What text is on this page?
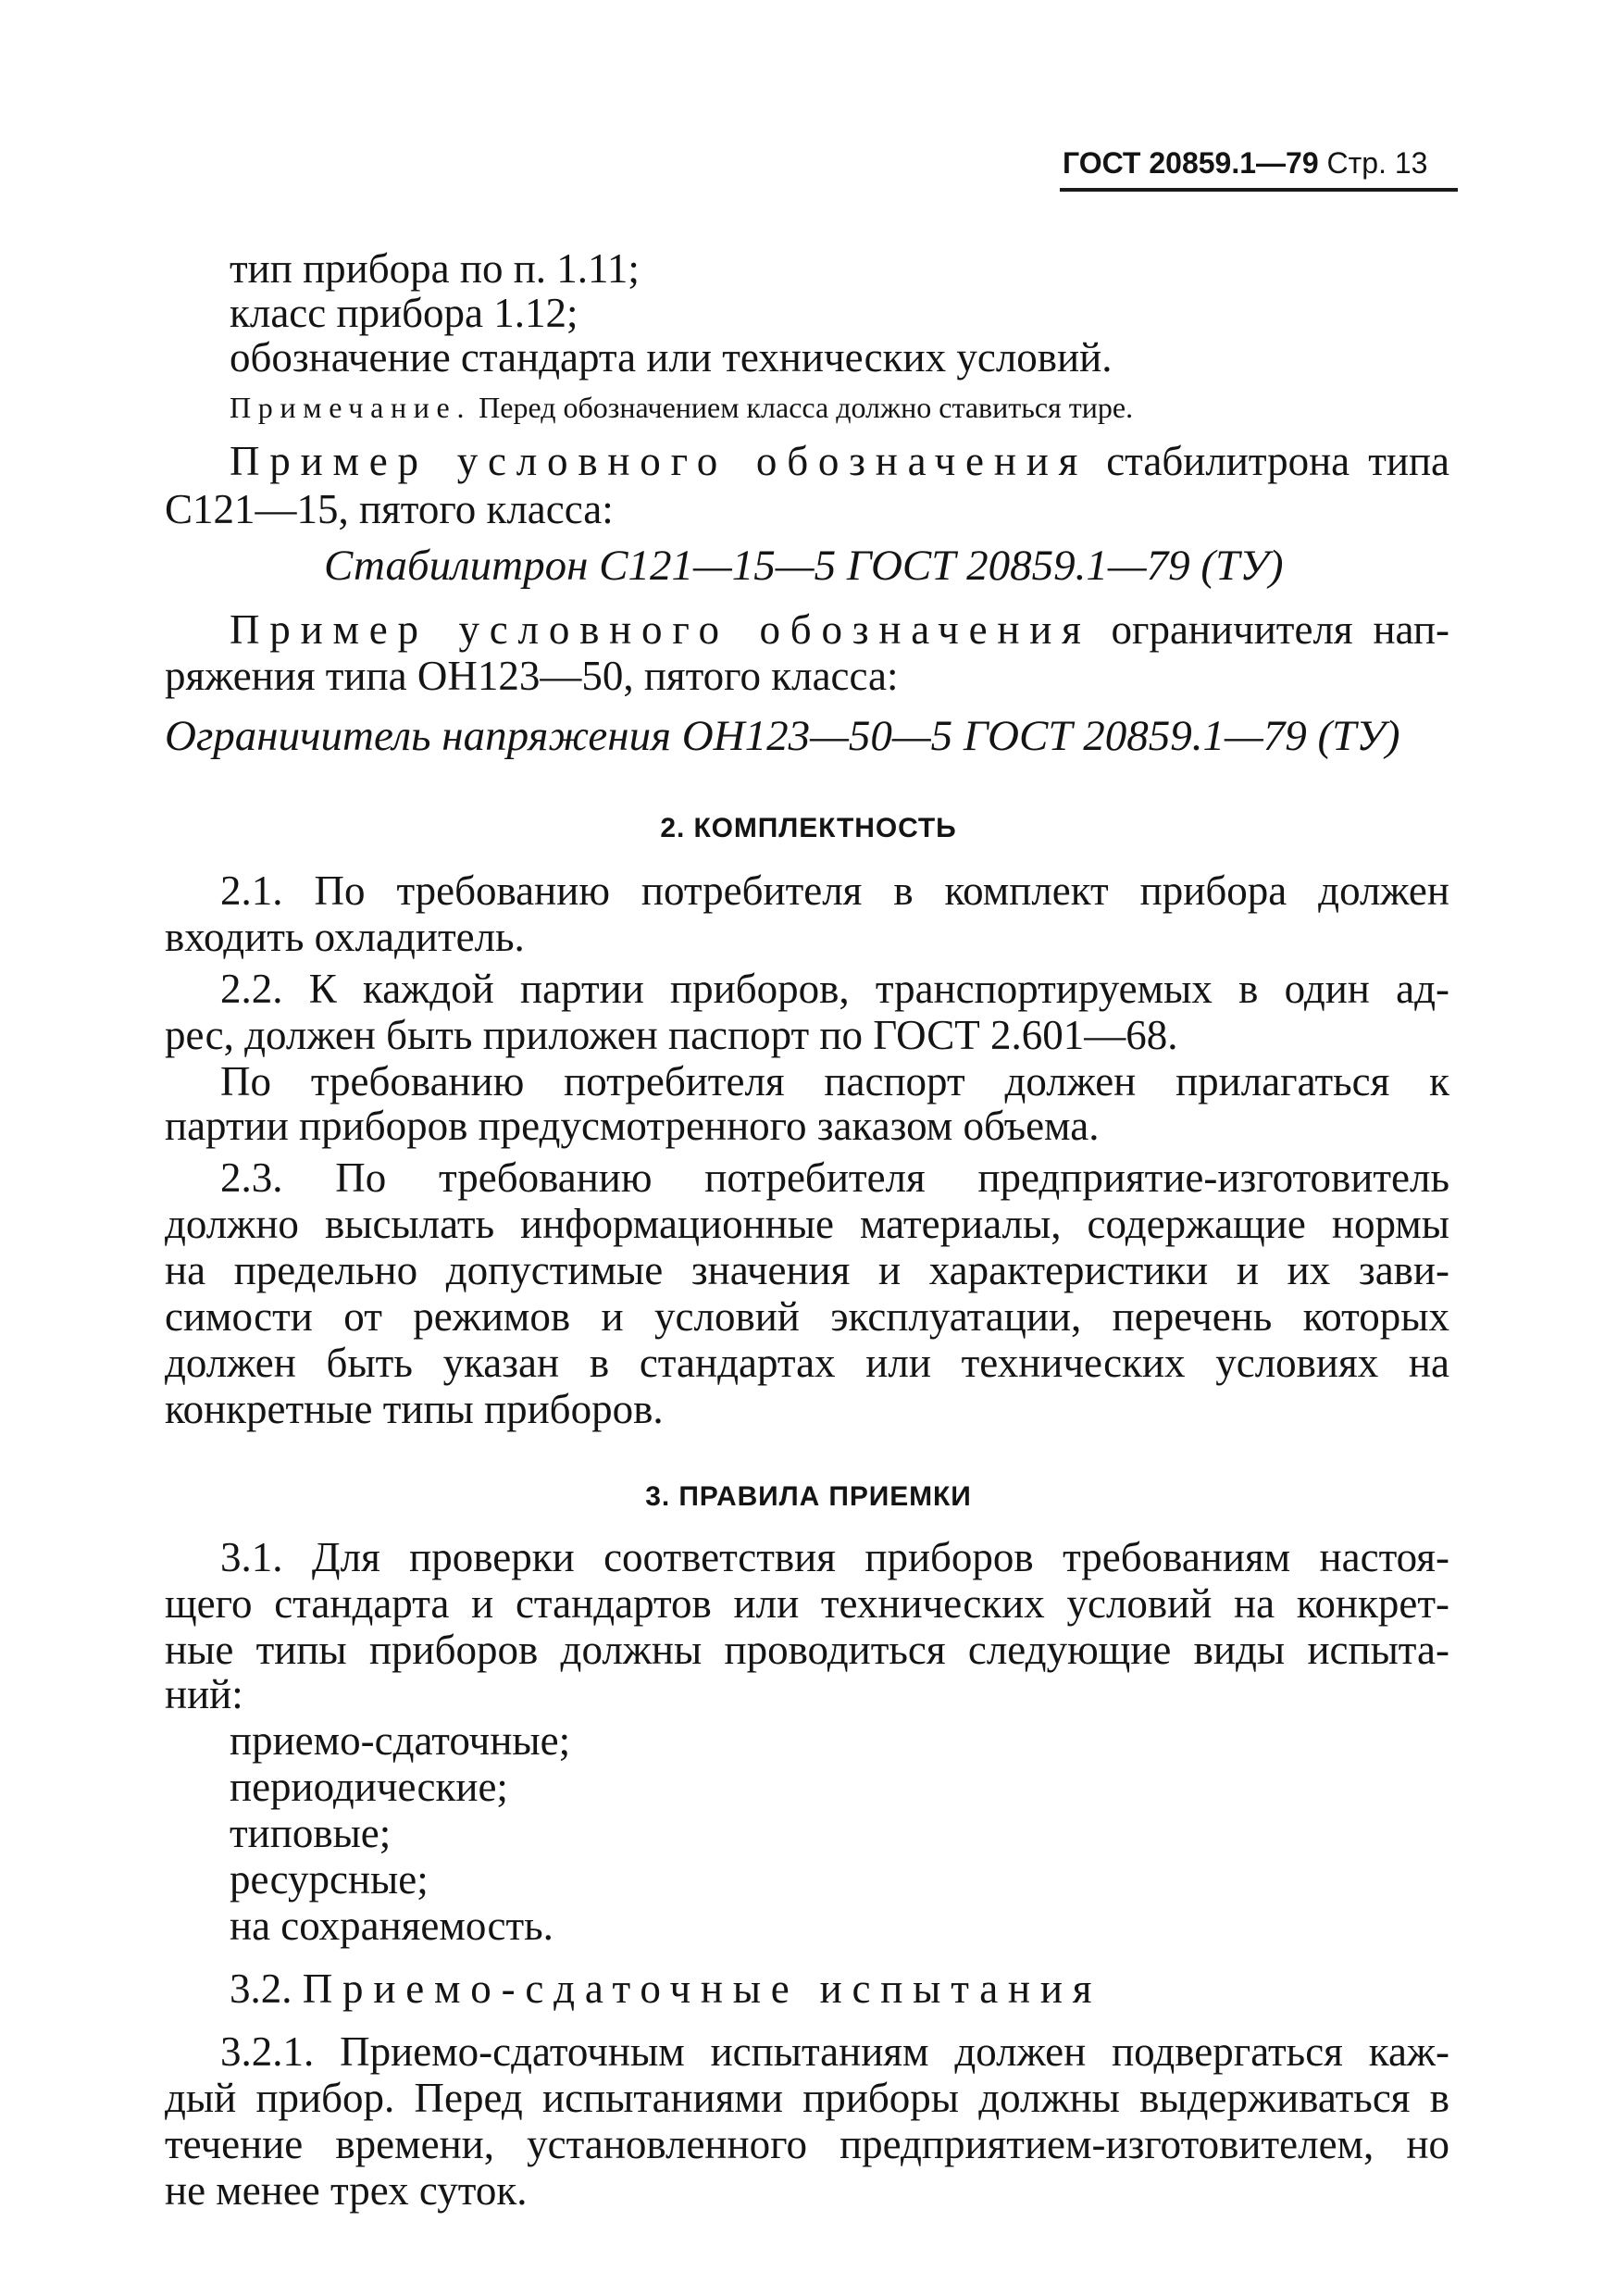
ГОСТ 20859.1—79 Стр. 13
тип прибора по п. 1.11;
класс прибора 1.12;
обозначение стандарта или технических условий.
Примечание. Перед обозначением класса должно ставиться тире.
Пример условного обозначения стабилитрона типа
С121—15, пятого класса:
Стабилитрон С121—15—5 ГОСТ 20859.1—79 (ТУ)
Пример условного обозначения ограничителя нап-
ряжения типа ОН123—50, пятого класса:
Ограничитель напряжения ОН123—50—5 ГОСТ 20859.1—79 (ТУ)
2. КОМПЛЕКТНОСТЬ
2.1. По требованию потребителя в комплект прибора должен
входить охладитель.
2.2. К каждой партии приборов, транспортируемых в один ад-
рес, должен быть приложен паспорт по ГОСТ 2.601—68.
По требованию потребителя паспорт должен прилагаться к
партии приборов предусмотренного заказом объема.
2.3. По требованию потребителя предприятие-изготовитель
должно высылать информационные материалы, содержащие нормы
на предельно допустимые значения и характеристики и их зави-
симости от режимов и условий эксплуатации, перечень которых
должен быть указан в стандартах или технических условиях на
конкретные типы приборов.
3. ПРАВИЛА ПРИЕМКИ
3.1. Для проверки соответствия приборов требованиям настоя-
щего стандарта и стандартов или технических условий на конкрет-
ные типы приборов должны проводиться следующие виды испыта-
ний:
приемо-сдаточные;
периодические;
типовые;
ресурсные;
на сохраняемость.
3.2. Приемо-сдаточные испытания
3.2.1. Приемо-сдаточным испытаниям должен подвергаться каж-
дый прибор. Перед испытаниями приборы должны выдерживаться в
течение времени, установленного предприятием-изготовителем, но
не менее трех суток.
